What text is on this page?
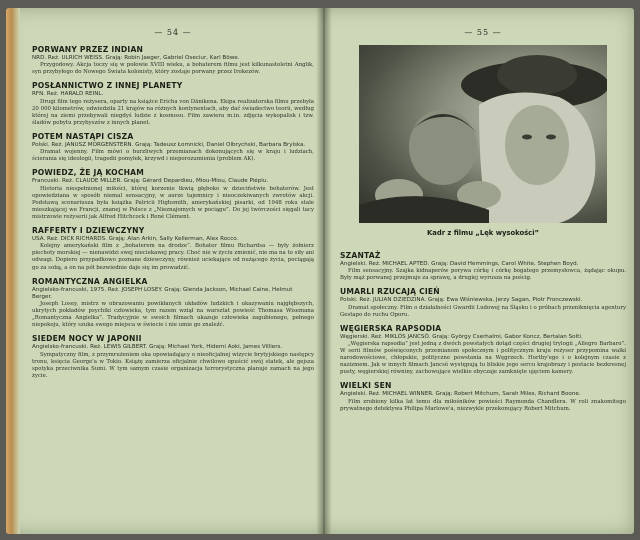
— 54 —
PORWANY PRZEZ INDIAN
NRD. Reż. ULRICH WEISS. Grają: Robin Jaeger, Gabriel Oseciur, Karl Böwe.
Przygodowy. Akcja toczy się w połowie XVIII wieku, a bohaterem filmu jest kilkunastoletni Anglik, syn przybyłego do Nowego Świata kolonisty, który zostaje porwany przez Irokezów.
POSŁANNICTWO Z INNEJ PLANETY
RFN. Reż. HARALD REINL.
Drugi film tego reżysera, oparty na książce Ericha von Dänikena. Ekipa realizatorska filmu przebyła 20 000 kilometrów, odwiedziła 21 krajów na różnych kontynentach, aby dać świadectwo teorii, według której na ziemi przebywali niegdyś ludzie z kosmosu. Film zawiera m.in. zdjęcia wykopalisk i tzw. śladów pobytu przybyszów z innych planet.
POTEM NASTĄPI CISZA
Polski. Reż. JANUSZ MORGENSTERN. Grają: Tadeusz Łomnicki, Daniel Olbrychski, Barbara Brylska.
Dramat wojenny. Film mówi o burzliwych przemianach dokonujących się w kraju i ludziach, ścierania się ideologii, tragedii pomyłek, krzywd i nieporozumienia (problem AK).
POWIEDZ, ŻE JĄ KOCHAM
Francuski. Reż. CLAUDE MILLER. Grają: Gérard Depardieu, Miou-Miou, Claude Piéplu.
Historia niespełnionej miłości, której korzenie tkwią głęboko w dzieciństwie bohaterów. Jest opowiedziana w sposób niemal sensacyjny, w aurze tajemnicy i nieoczekiwanych zwrotów akcji. Podstawą scenariusza była książka Patricii Highsmith, amerykańskiej pisarki, od 1948 roku stale mieszkającej we Francji, znanej w Polsce z „Nieznajomych w pociągu”. Do jej twórczości sięgali tacy mistrzowie reżyserii jak Alfred Hitchcock i René Clément.
RAFFERTY I DZIEWCZYNY
USA. Reż. DICK RICHARDS. Grają: Alan Arkin, Sally Kellerman, Alex Rocco.
Kolejny amerykański film z „bohaterem na drodze”. Bohater filmu Richardsa — były żołnierz piechoty morskiej — nienawidzi swej nieciekawej pracy. Choć nie w życiu zmienić, nie ma na to siły ani odwagi. Dopiero przypadkowo poznane dziewczyny, również uciekające od nużącego życia, pociągają go za sobą, a on na pół bezwiednie daje się im prowadzić.
ROMANTYCZNA ANGIELKA
Angielsko-francuski, 1975. Reż. JOSEPH LOSEY. Grają: Glenda Jackson, Michael Caine, Helmut Berger.
Joseph Losey, mistrz w obrazowaniu powikłanych układów ludzkich i ukazywaniu najgłębszych, ukrytych pokładów psychiki człowieka, tym razem wziął na warsztat powieść Thomasa Wisemana „Romantyczna Angielka”. Tradycyjnie w swoich filmach ukazuje człowieka zagubionego, pełnego niepokoju, który szuka swego miejsca w świecie i nie umie go znaleźć.
SIEDEM NOCY W JAPONII
Angielsko-francuski. Reż. LEWIS GILBERT. Grają: Michael York, Hidemi Aoki, James Villiers.
Sympatyczny film, z przymrużeniem oka opowiadający o nieoficjalnej wizycie brytyjskiego następcy tronu, księcia George'a w Tokio. Książę zamierza oficjalnie chwilowo opuścić swój statek, ale gejsza spotyka przeciwnika Sumi. W tym samym czasie organizacja terrorystyczna planuje zamach na jego życie.
— 55 —
Kadr z filmu „Lęk wysokości”
SZANTAŻ
Angielski. Reż. MICHAEL APTED. Grają: David Hemmings, Carol White, Stephen Boyd.
Film sensacyjny. Szajka kidnaperów porywa córkę i córkę bogatego przemysłowca, żądając okupu. Były mąż porwanej przejmuje za sprawę, a drugiej wyrusza na pościg.
UMARLI RZUCAJĄ CIEŃ
Polski. Reż. JULIAN DZIEDZINA. Grają: Ewa Wiśniewska, Jerzy Sagan, Piotr Fronczewski.
Dramat społeczny. Film o działalności Gwardii Ludowej na Śląsku i o próbach przeniknięcia agentury Gestapo do ruchu Oporu.
WĘGIERSKA RAPSODIA
Węgierski. Reż. MIKLÓS JANCSÓ. Grają: György Cserhalmi, Gabor Koncz, Bertalan Solti.
„Węgierska rapsodia” jest jedną z dwóch powstałych dotąd części drugiej trylogii „Allegro Barbaro”. W serii filmów poświęconych przemianom społecznym i politycznym kraju reżyser przypomina walki narodowościowe, chłopskie, polityczne powstania na Węgrzech. Horthy'ego i o kolejnym czasie z nazizmem. Jak w innych filmach Jancsó występują tu bliskie jego sercu krajobrazy i postacie bezkresnej pusty, węgierskiej równiny, zachowujące wielkie obyczaje zamknięte ujęciem kamery.
WIELKI SEN
Angielski. Reż. MICHAEL WINNER. Grają: Robert Mitchum, Sarah Miles, Richard Boone.
Film zrobiony kilka lat temu dla miłośników powieści Raymonda Chandlera. W roli znakomitego prywatnego detektywa Philipa Marlowe'a, niezwykle przekonujący Robert Mitchum.
